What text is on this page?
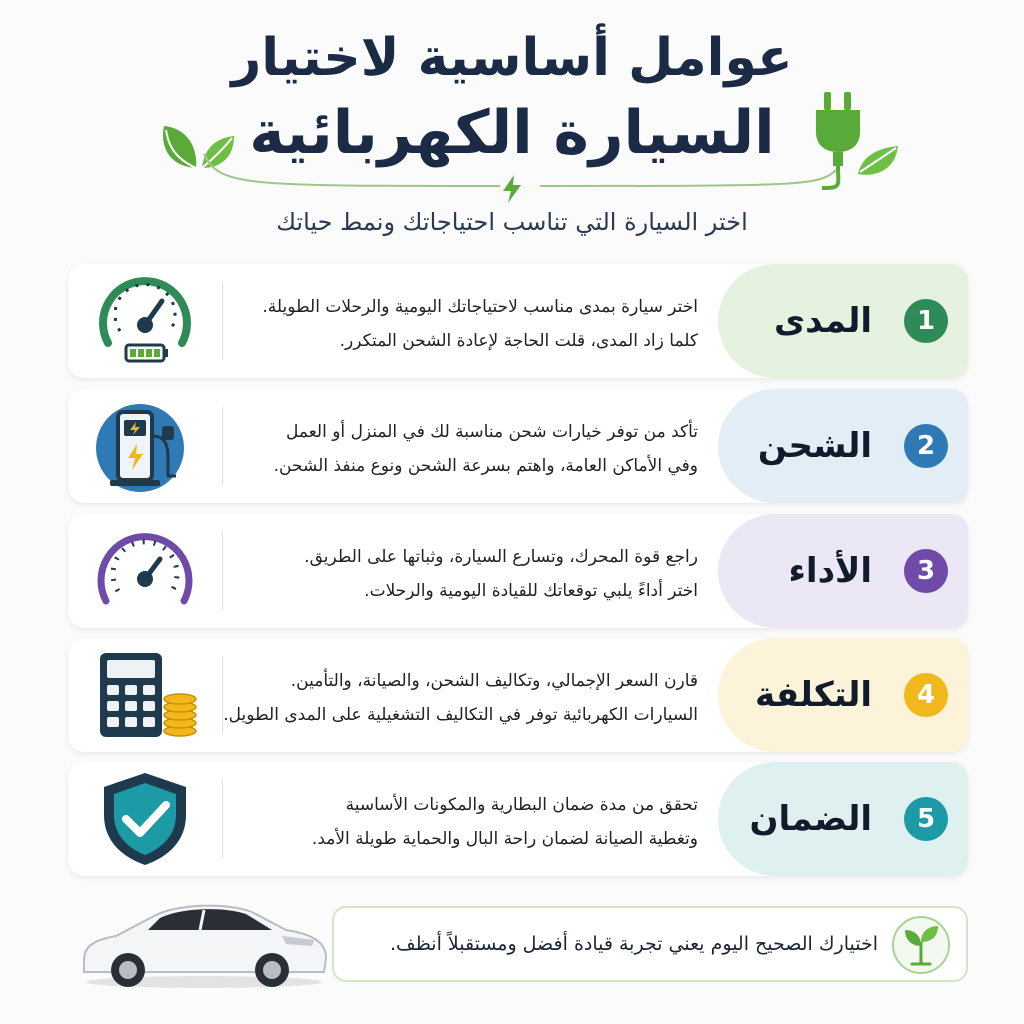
عوامل أساسية لاختيار
السيارة الكهربائية
اختر السيارة التي تناسب احتياجاتك ونمط حياتك
1
المدى
اختر سيارة بمدى مناسب لاحتياجاتك اليومية والرحلات الطويلة.
كلما زاد المدى، قلت الحاجة لإعادة الشحن المتكرر.
2
الشحن
تأكد من توفر خيارات شحن مناسبة لك في المنزل أو العمل
وفي الأماكن العامة، واهتم بسرعة الشحن ونوع منفذ الشحن.
3
الأداء
راجع قوة المحرك، وتسارع السيارة، وثباتها على الطريق.
اختر أداءً يلبي توقعاتك للقيادة اليومية والرحلات.
4
التكلفة
قارن السعر الإجمالي، وتكاليف الشحن، والصيانة، والتأمين.
السيارات الكهربائية توفر في التكاليف التشغيلية على المدى الطويل.
5
الضمان
تحقق من مدة ضمان البطارية والمكونات الأساسية
وتغطية الصيانة لضمان راحة البال والحماية طويلة الأمد.
اختيارك الصحيح اليوم يعني تجربة قيادة أفضل ومستقبلاً أنظف.
